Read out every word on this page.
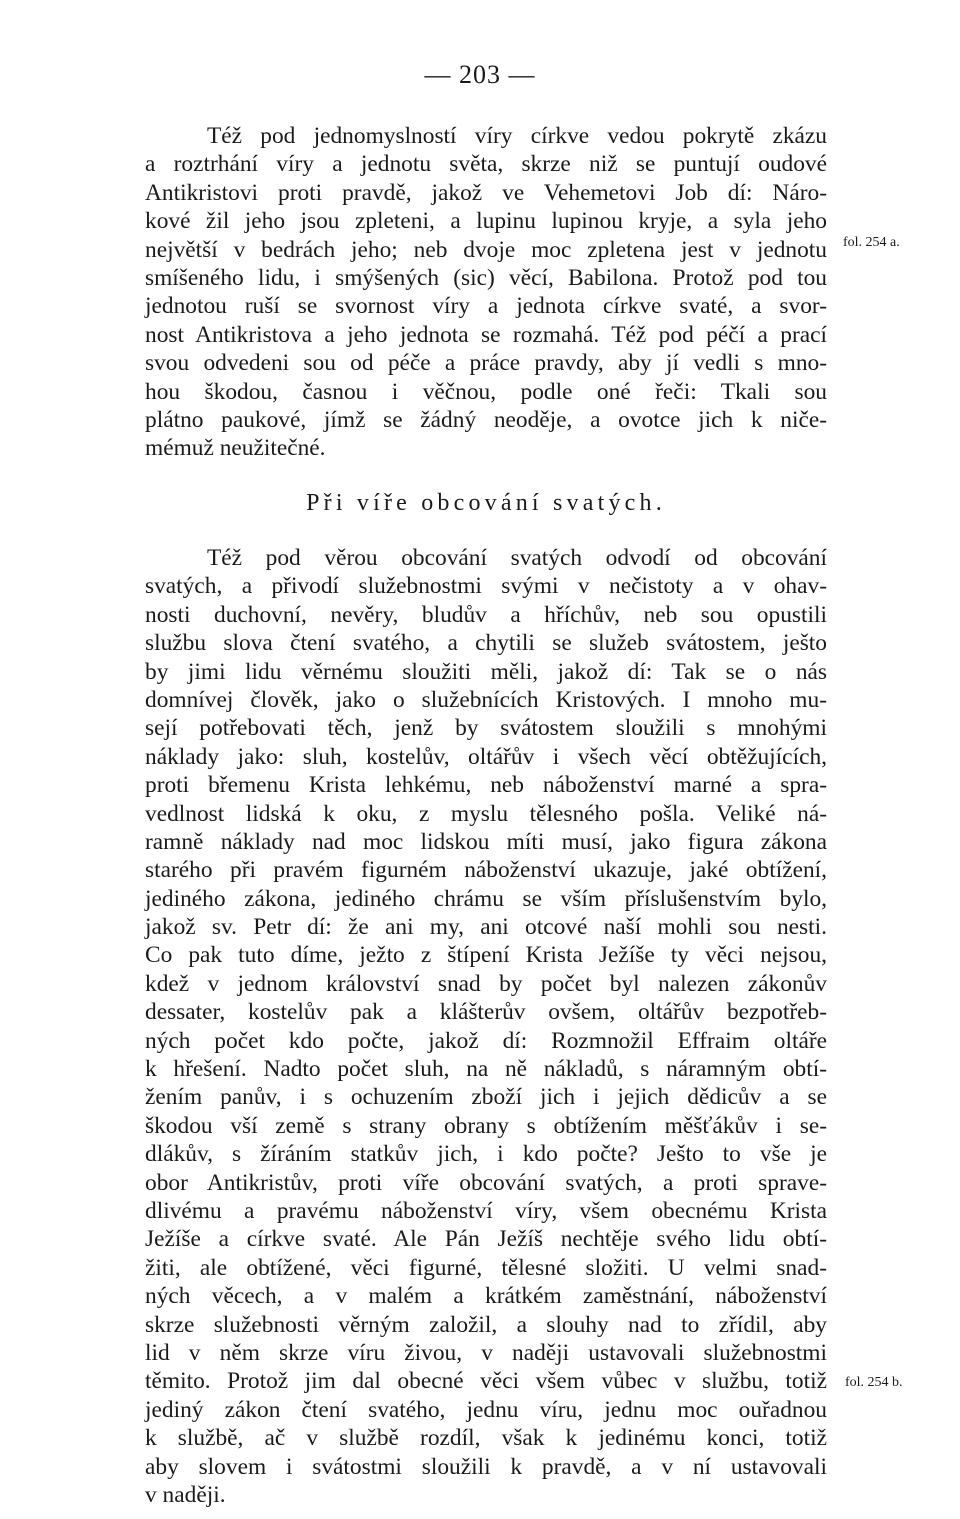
— 203 —
Též pod jednomyslností víry církve vedou pokrytě zkázu
a roztrhání víry a jednotu světa, skrze niž se puntují oudové
Antikristovi proti pravdě, jakož ve Vehemetovi Job dí: Náro-
kové žil jeho jsou zpleteni, a lupinu lupinou kryje, a syla jeho
největší v bedrách jeho; neb dvoje moc zpletena jest v jednotu
smíšeného lidu, i smýšených (sic) věcí, Babilona. Protož pod tou
jednotou ruší se svornost víry a jednota církve svaté, a svor-
nost Antikristova a jeho jednota se rozmahá. Též pod péčí a prací
svou odvedeni sou od péče a práce pravdy, aby jí vedli s mno-
hou škodou, časnou i věčnou, podle oné řeči: Tkali sou
plátno paukové, jímž se žádný neoděje, a ovotce jich k niče-
mémuž neužitečné.
fol. 254 a.
Při víře obcování svatých.
Též pod věrou obcování svatých odvodí od obcování
svatých, a přivodí služebnostmi svými v nečistoty a v ohav-
nosti duchovní, nevěry, bludův a hříchův, neb sou opustili
službu slova čtení svatého, a chytili se služeb svátostem, ješto
by jimi lidu věrnému sloužiti měli, jakož dí: Tak se o nás
domnívej člověk, jako o služebnících Kristových. I mnoho mu-
sejí potřebovati těch, jenž by svátostem sloužili s mnohými
náklady jako: sluh, kostelův, oltářův i všech věcí obtěžujících,
proti břemenu Krista lehkému, neb náboženství marné a spra-
vedlnost lidská k oku, z myslu tělesného pošla. Veliké ná-
ramně náklady nad moc lidskou míti musí, jako figura zákona
starého při pravém figurném náboženství ukazuje, jaké obtížení,
jediného zákona, jediného chrámu se vším příslušenstvím bylo,
jakož sv. Petr dí: že ani my, ani otcové naší mohli sou nesti.
Co pak tuto díme, ježto z štípení Krista Ježíše ty věci nejsou,
kdež v jednom království snad by počet byl nalezen zákonův
dessater, kostelův pak a klášterův ovšem, oltářův bezpotřeb-
ných počet kdo počte, jakož dí: Rozmnožil Effraim oltáře
k hřešení. Nadto počet sluh, na ně nákladů, s náramným obtí-
žením panův, i s ochuzením zboží jich i jejich dědicův a se
škodou vší země s strany obrany s obtížením měšťákův i se-
dlákův, s žíráním statkův jich, i kdo počte? Ješto to vše je
obor Antikristův, proti víře obcování svatých, a proti sprave-
dlivému a pravému náboženství víry, všem obecnému Krista
Ježíše a církve svaté. Ale Pán Ježíš nechtěje svého lidu obtí-
žiti, ale obtížené, věci figurné, tělesné složiti. U velmi snad-
ných věcech, a v malém a krátkém zaměstnání, náboženství
skrze služebnosti věrným založil, a slouhy nad to zřídil, aby
lid v něm skrze víru živou, v naději ustavovali služebnostmi
těmito. Protož jim dal obecné věci všem vůbec v službu, totiž
jediný zákon čtení svatého, jednu víru, jednu moc ouřadnou
k službě, ač v službě rozdíl, však k jedinému konci, totiž
aby slovem i svátostmi sloužili k pravdě, a v ní ustavovali
v naději.
fol. 254 b.
